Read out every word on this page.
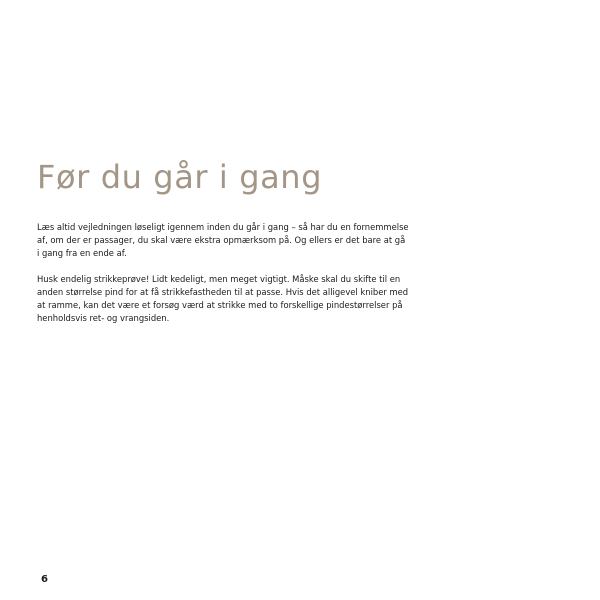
Før du går i gang

Læs altid vejledningen løseligt igennem inden du går i gang – så har du en fornemmelse
af, om der er passager, du skal være ekstra opmærksom på. Og ellers er det bare at gå
i gang fra en ende af.

Husk endelig strikkeprøve! Lidt kedeligt, men meget vigtigt. Måske skal du skifte til en
anden størrelse pind for at få strikkefastheden til at passe. Hvis det alligevel kniber med
at ramme, kan det være et forsøg værd at strikke med to forskellige pindestørrelser på
henholdsvis ret- og vrangsiden.

6
